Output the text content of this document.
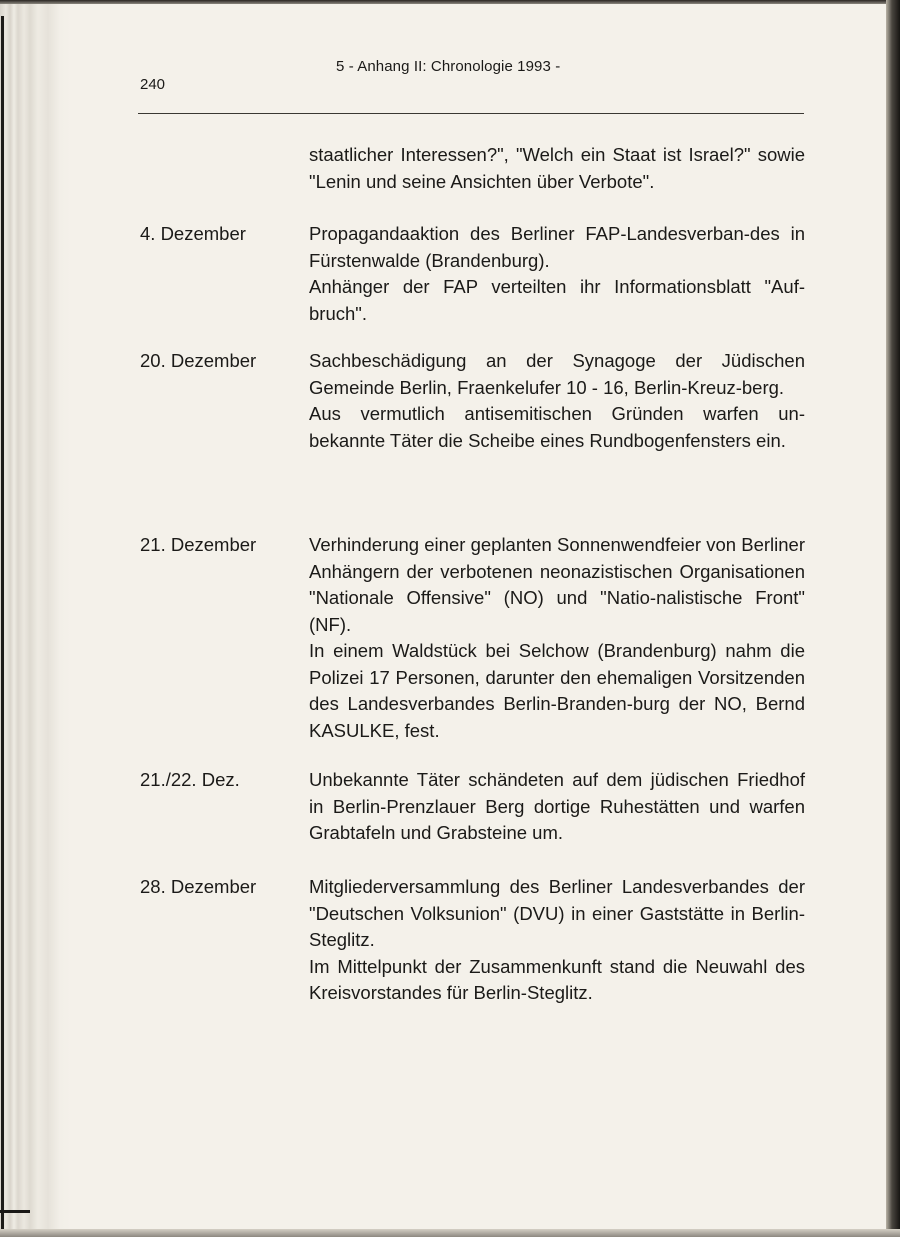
240
5 - Anhang II: Chronologie 1993 -

staatlicher Interessen?", "Welch ein Staat ist Israel?" sowie "Lenin und seine Ansichten über Verbote".

4. Dezember	Propagandaaktion des Berliner FAP-Landesverban-des in Fürstenwalde (Brandenburg).

Anhänger der FAP verteilten ihr Informationsblatt "Auf-bruch".

20. Dezember	Sachbeschädigung an der Synagoge der Jüdischen Gemeinde Berlin, Fraenkelufer 10 - 16, Berlin-Kreuz-berg.

Aus vermutlich antisemitischen Gründen warfen un-bekannte Täter die Scheibe eines Rundbogenfensters ein.

21. Dezember	Verhinderung einer geplanten Sonnenwendfeier von Berliner Anhängern der verbotenen neonazistischen Organisationen "Nationale Offensive" (NO) und "Natio-nalistische Front" (NF).

In einem Waldstück bei Selchow (Brandenburg) nahm die Polizei 17 Personen, darunter den ehemaligen Vorsitzenden des Landesverbandes Berlin-Branden-burg der NO, Bernd KASULKE, fest.

21./22. Dez.	Unbekannte Täter schändeten auf dem jüdischen Friedhof in Berlin-Prenzlauer Berg dortige Ruhestätten und warfen Grabtafeln und Grabsteine um.

28. Dezember	Mitgliederversammlung des Berliner Landesverbandes der "Deutschen Volksunion" (DVU) in einer Gaststätte in Berlin-Steglitz.

Im Mittelpunkt der Zusammenkunft stand die Neuwahl des Kreisvorstandes für Berlin-Steglitz.
